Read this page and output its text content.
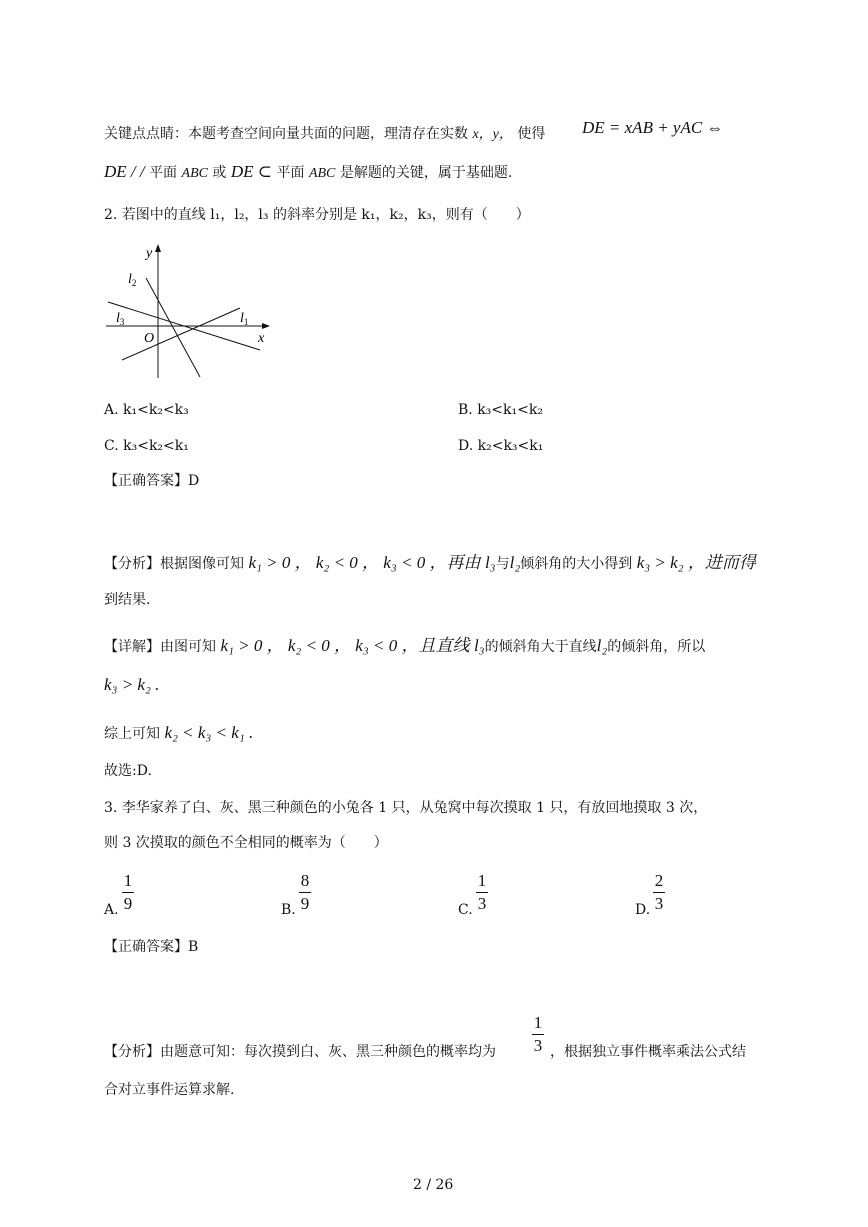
关键点点睛：本题考查空间向量共面的问题，理清存在实数 x，y， 使得 DE = xAB + yAC ⇔
DE / / 平面 ABC 或 DE ⊂ 平面 ABC 是解题的关键，属于基础题.
2. 若图中的直线 l₁，l₂，l₃ 的斜率分别是 k₁，k₂，k₃，则有（　　）
y
x
O
$l_2$
$l_3$	$l_1$
A. k₁<k₂<k₃	B. k₃<k₁<k₂
C. k₃<k₂<k₁	D. k₂<k₃<k₁
【正确答案】D
【分析】根据图像可知 k₁ > 0 ， k₂ < 0 ， k₃ < 0 ，再由 l₃与l₂倾斜角的大小得到 k₃ > k₂ ，进而得
到结果.
【详解】由图可知 k₁ > 0 ， k₂ < 0 ， k₃ < 0 ，且直线 l₃的倾斜角大于直线l₂的倾斜角，所以
k₃ > k₂ .
综上可知 k₂ < k₃ < k₁ .
故选:D.
3. 李华家养了白、灰、黑三种颜色的小兔各 1 只，从兔窝中每次摸取 1 只，有放回地摸取 3 次，
则 3 次摸取的颜色不全相同的概率为（　　）
A.
1
9	B.
8
9	C.
1
3	D.
2
3
【正确答案】B
【分析】由题意可知：每次摸到白、灰、黑三种颜色的概率均为
1
3 ，根据独立事件概率乘法公式结
合对立事件运算求解.
2 / 26
